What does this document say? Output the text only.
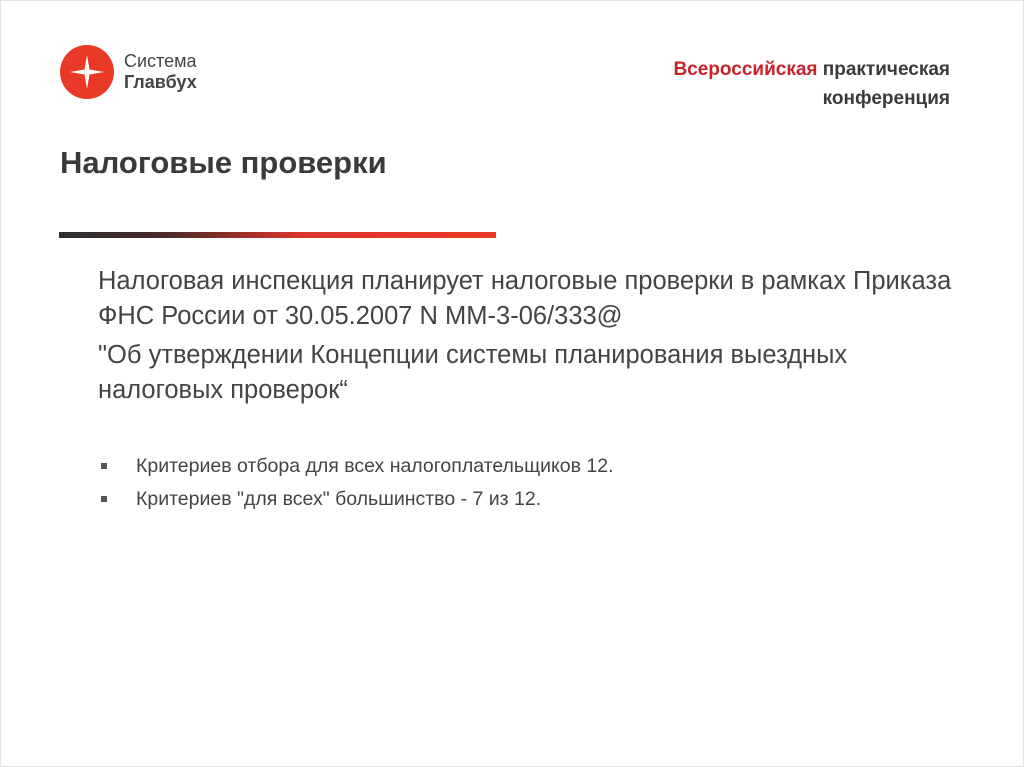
Система
Главбух
Всероссийская практическая
конференция
Налоговые проверки

Налоговая инспекция планирует налоговые проверки в рамках Приказа ФНС России от 30.05.2007 N ММ-3-06/333@

"Об утверждении Концепции системы планирования выездных налоговых проверок“

Критериев отбора для всех налогоплательщиков 12.
Критериев "для всех" большинство - 7 из 12.
